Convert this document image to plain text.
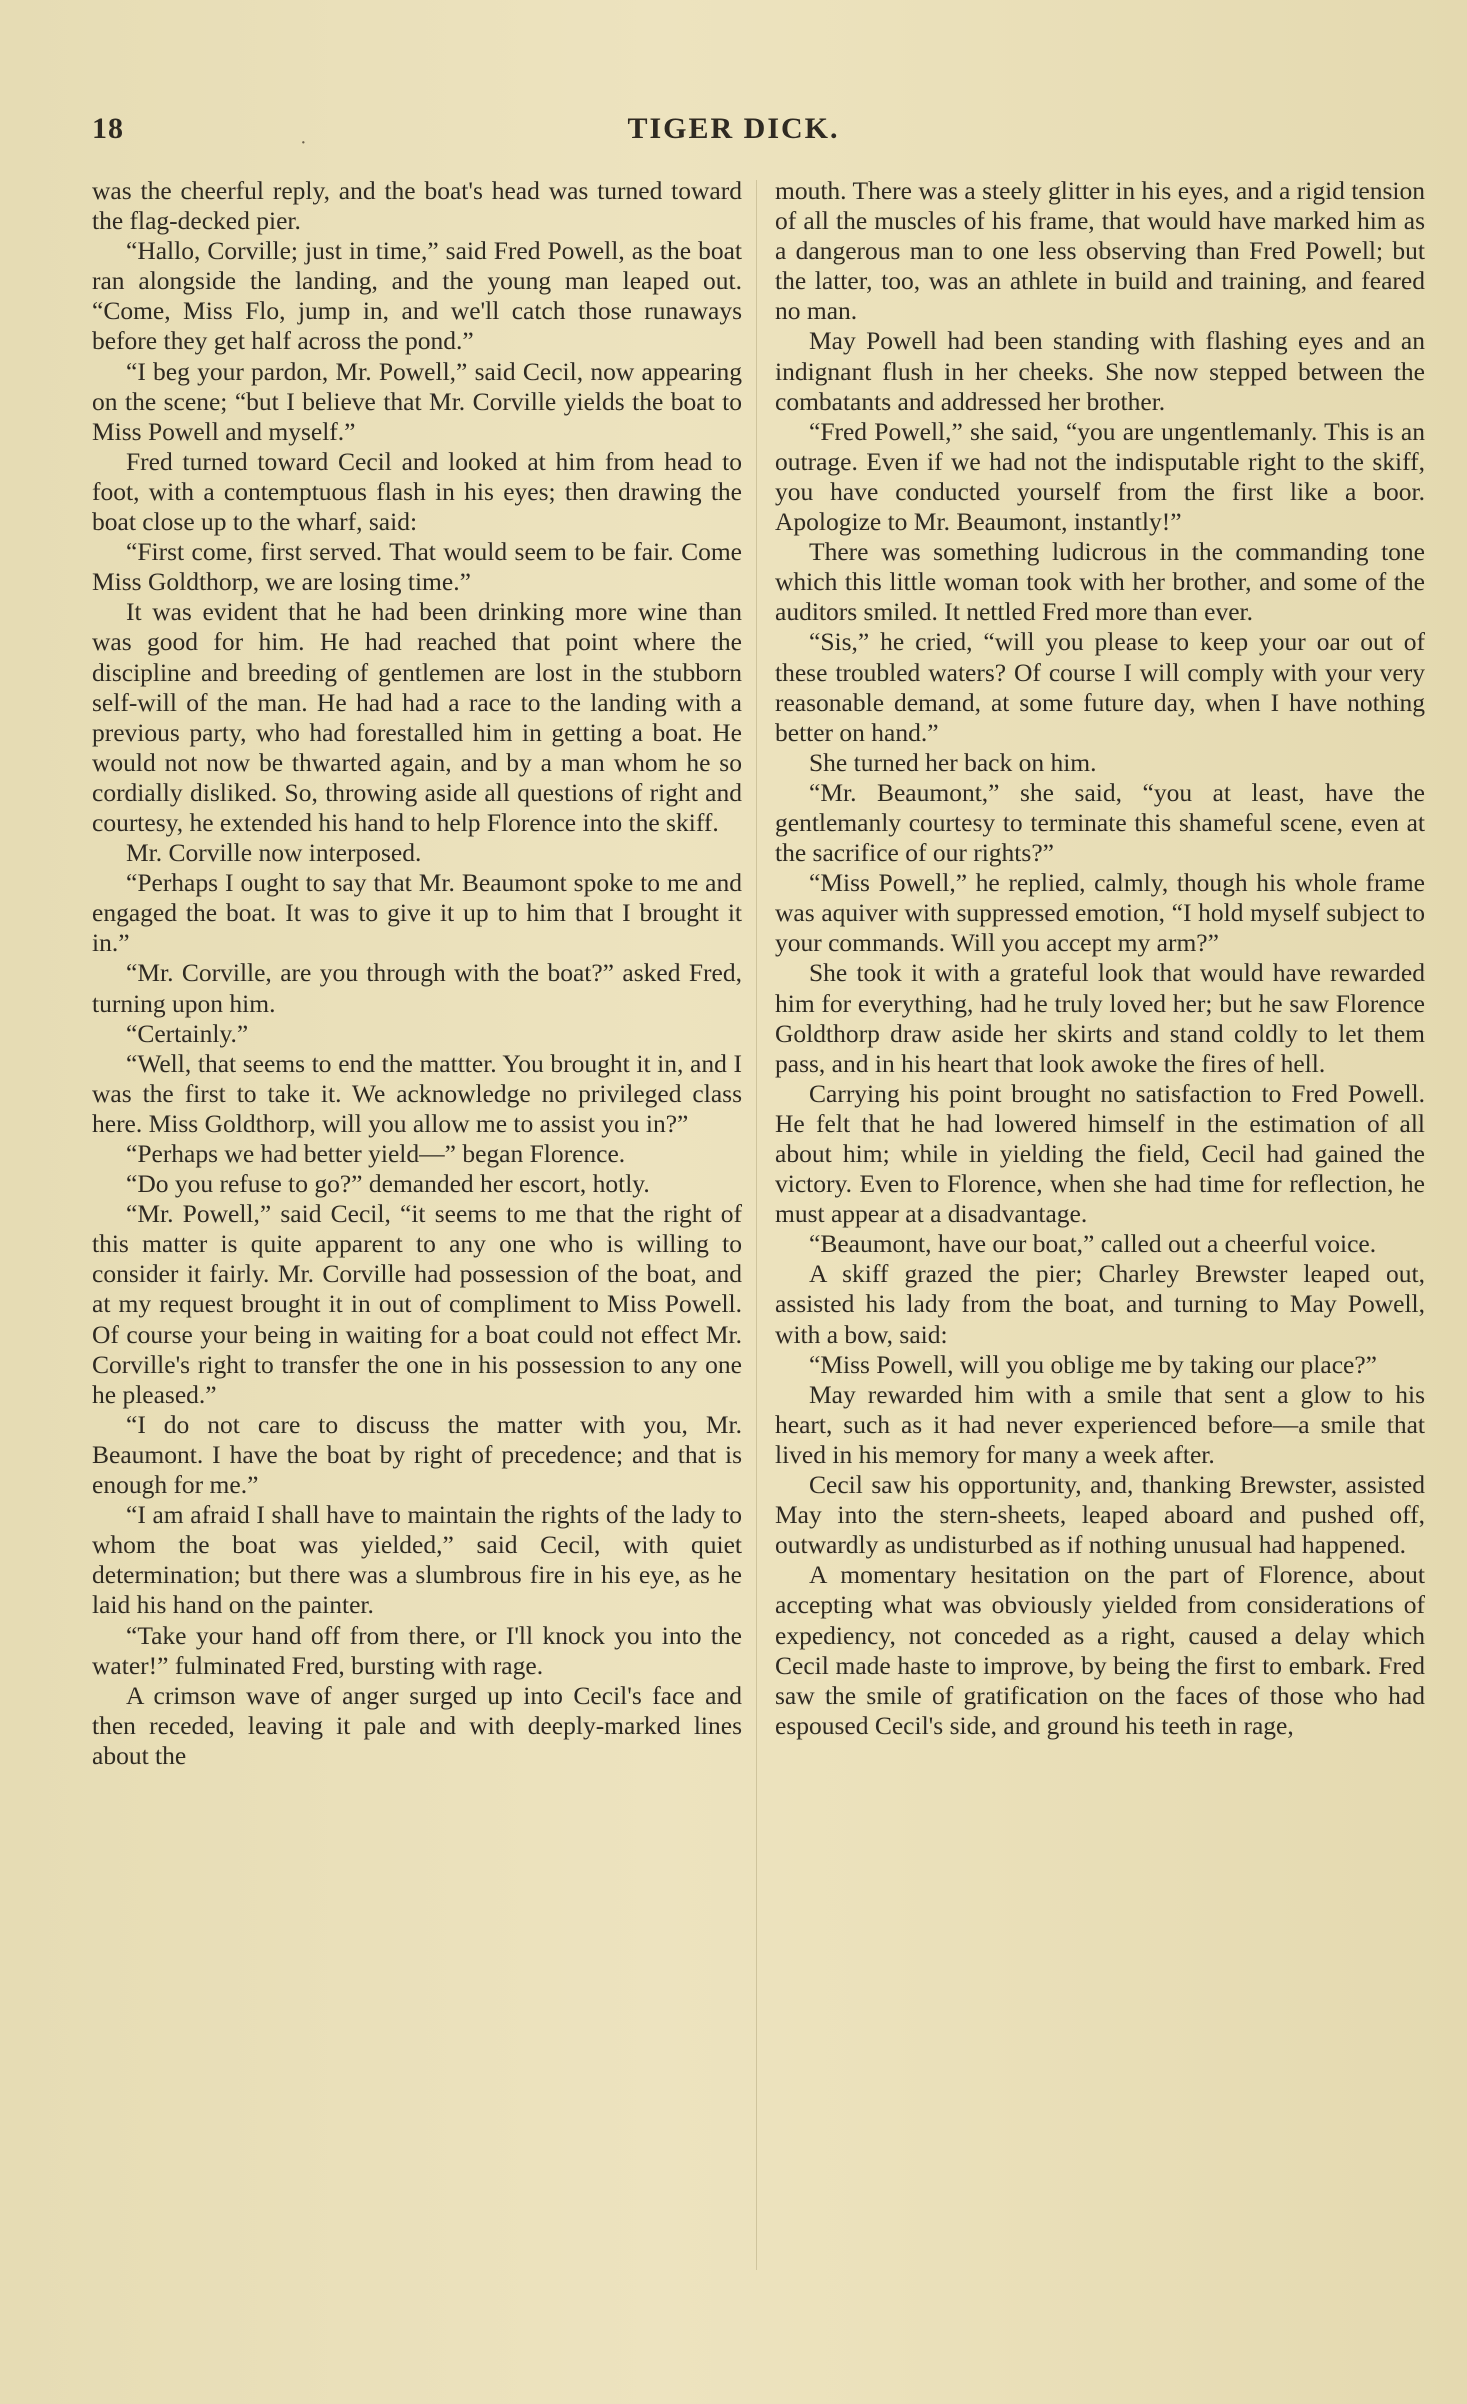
18	TIGER DICK.
·

was the cheerful reply, and the boat's head was turned toward the flag-decked pier.

“Hallo, Corville; just in time,” said Fred Powell, as the boat ran alongside the landing, and the young man leaped out. “Come, Miss Flo, jump in, and we'll catch those runaways before they get half across the pond.”

“I beg your pardon, Mr. Powell,” said Cecil, now appearing on the scene; “but I believe that Mr. Corville yields the boat to Miss Powell and myself.”

Fred turned toward Cecil and looked at him from head to foot, with a contemptuous flash in his eyes; then drawing the boat close up to the wharf, said:

“First come, first served. That would seem to be fair. Come Miss Goldthorp, we are losing time.”

It was evident that he had been drinking more wine than was good for him. He had reached that point where the discipline and breeding of gentlemen are lost in the stubborn self-will of the man. He had had a race to the landing with a previous party, who had forestalled him in getting a boat. He would not now be thwarted again, and by a man whom he so cordially disliked. So, throwing aside all questions of right and courtesy, he extended his hand to help Florence into the skiff.

Mr. Corville now interposed.

“Perhaps I ought to say that Mr. Beaumont spoke to me and engaged the boat. It was to give it up to him that I brought it in.”

“Mr. Corville, are you through with the boat?” asked Fred, turning upon him.

“Certainly.”

“Well, that seems to end the mattter. You brought it in, and I was the first to take it. We acknowledge no privileged class here. Miss Goldthorp, will you allow me to assist you in?”

“Perhaps we had better yield—” began Florence.

“Do you refuse to go?” demanded her escort, hotly.

“Mr. Powell,” said Cecil, “it seems to me that the right of this matter is quite apparent to any one who is willing to consider it fairly. Mr. Corville had possession of the boat, and at my request brought it in out of compliment to Miss Powell. Of course your being in waiting for a boat could not effect Mr. Corville's right to transfer the one in his possession to any one he pleased.”

“I do not care to discuss the matter with you, Mr. Beaumont. I have the boat by right of precedence; and that is enough for me.”

“I am afraid I shall have to maintain the rights of the lady to whom the boat was yielded,” said Cecil, with quiet determination; but there was a slumbrous fire in his eye, as he laid his hand on the painter.

“Take your hand off from there, or I'll knock you into the water!” fulminated Fred, bursting with rage.

A crimson wave of anger surged up into Cecil's face and then receded, leaving it pale and with deeply-marked lines about the

mouth. There was a steely glitter in his eyes, and a rigid tension of all the muscles of his frame, that would have marked him as a dangerous man to one less observing than Fred Powell; but the latter, too, was an athlete in build and training, and feared no man.

May Powell had been standing with flashing eyes and an indignant flush in her cheeks. She now stepped between the combatants and addressed her brother.

“Fred Powell,” she said, “you are ungentlemanly. This is an outrage. Even if we had not the indisputable right to the skiff, you have conducted yourself from the first like a boor. Apologize to Mr. Beaumont, instantly!”

There was something ludicrous in the commanding tone which this little woman took with her brother, and some of the auditors smiled. It nettled Fred more than ever.

“Sis,” he cried, “will you please to keep your oar out of these troubled waters? Of course I will comply with your very reasonable demand, at some future day, when I have nothing better on hand.”

She turned her back on him.

“Mr. Beaumont,” she said, “you at least, have the gentlemanly courtesy to terminate this shameful scene, even at the sacrifice of our rights?”

“Miss Powell,” he replied, calmly, though his whole frame was aquiver with suppressed emotion, “I hold myself subject to your commands. Will you accept my arm?”

She took it with a grateful look that would have rewarded him for everything, had he truly loved her; but he saw Florence Goldthorp draw aside her skirts and stand coldly to let them pass, and in his heart that look awoke the fires of hell.

Carrying his point brought no satisfaction to Fred Powell. He felt that he had lowered himself in the estimation of all about him; while in yielding the field, Cecil had gained the victory. Even to Florence, when she had time for reflection, he must appear at a disadvantage.

“Beaumont, have our boat,” called out a cheerful voice.

A skiff grazed the pier; Charley Brewster leaped out, assisted his lady from the boat, and turning to May Powell, with a bow, said:

“Miss Powell, will you oblige me by taking our place?”

May rewarded him with a smile that sent a glow to his heart, such as it had never experienced before—a smile that lived in his memory for many a week after.

Cecil saw his opportunity, and, thanking Brewster, assisted May into the stern-sheets, leaped aboard and pushed off, outwardly as undisturbed as if nothing unusual had happened.

A momentary hesitation on the part of Florence, about accepting what was obviously yielded from considerations of expediency, not conceded as a right, caused a delay which Cecil made haste to improve, by being the first to embark. Fred saw the smile of gratification on the faces of those who had espoused Cecil's side, and ground his teeth in rage,
